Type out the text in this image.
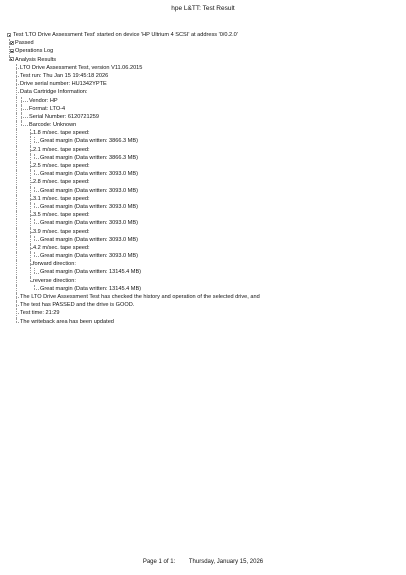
hpe L&TT: Test Result
Test 'LTO Drive Assessment Test' started on device 'HP Ultrium 4 SCSI' at address '0/0.2.0'
Passed
Operations Log
Analysis Results
LTO Drive Assessment Test, version V11.06.2015
Test run: Thu Jan 15 19:45:18 2026
Drive serial number: HU1342YPTE
Data Cartridge Information:
Vendor: HP
Format: LTO-4
Serial Number: 6120721259
Barcode: Unknown
1.8 m/sec. tape speed:
Great margin (Data written: 3866.3 MB)
2.1 m/sec. tape speed:
Great margin (Data written: 3866.3 MB)
2.5 m/sec. tape speed:
Great margin (Data written: 3093.0 MB)
2.8 m/sec. tape speed:
Great margin (Data written: 3093.0 MB)
3.1 m/sec. tape speed:
Great margin (Data written: 3093.0 MB)
3.5 m/sec. tape speed:
Great margin (Data written: 3093.0 MB)
3.9 m/sec. tape speed:
Great margin (Data written: 3093.0 MB)
4.2 m/sec. tape speed:
Great margin (Data written: 3093.0 MB)
forward direction:
Great margin (Data written: 13145.4 MB)
reverse direction:
Great margin (Data written: 13145.4 MB)
The LTO Drive Assessment Test has checked the history and operation of the selected drive, and
The test has PASSED and the drive is GOOD.
Test time: 21:29
The writeback area has been updated
Page 1 of 1: Thursday, January 15, 2026
